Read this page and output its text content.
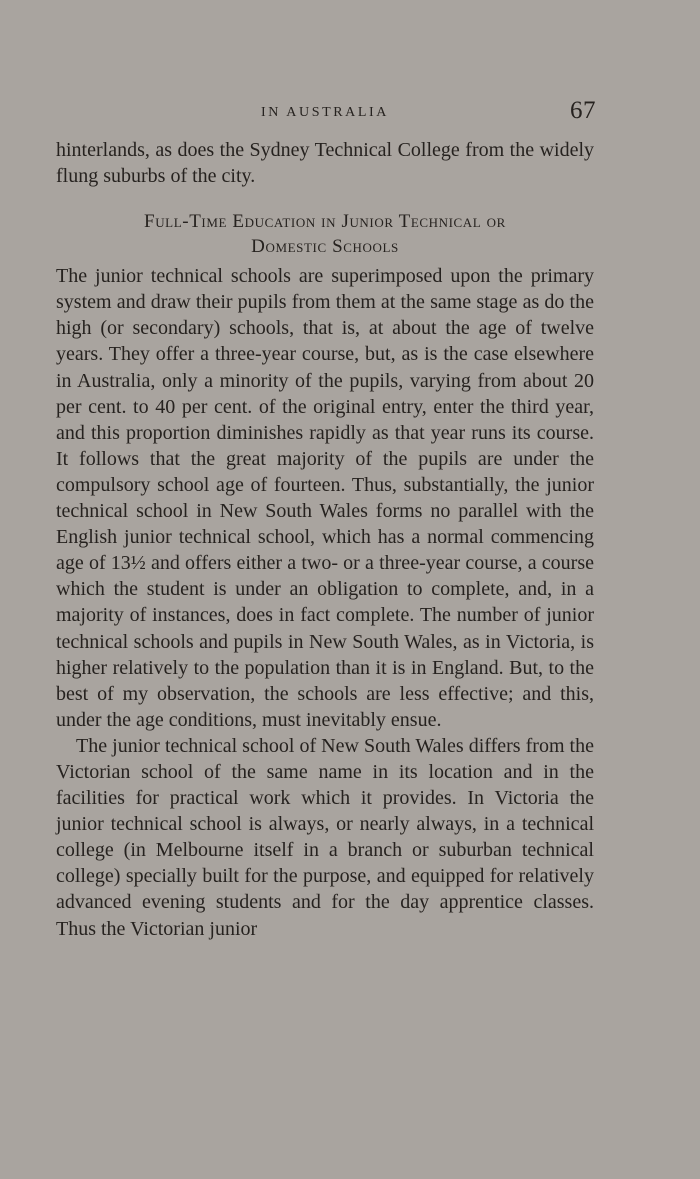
IN AUSTRALIA	67

hinterlands, as does the Sydney Technical College from the widely flung suburbs of the city.

Full-Time Education in Junior Technical or
Domestic Schools

The junior technical schools are superimposed upon the primary system and draw their pupils from them at the same stage as do the high (or secondary) schools, that is, at about the age of twelve years. They offer a three-year course, but, as is the case elsewhere in Australia, only a minority of the pupils, varying from about 20 per cent. to 40 per cent. of the original entry, enter the third year, and this proportion diminishes rapidly as that year runs its course. It follows that the great majority of the pupils are under the compulsory school age of fourteen. Thus, substantially, the junior technical school in New South Wales forms no parallel with the English junior technical school, which has a normal commencing age of 13½ and offers either a two- or a three-year course, a course which the student is under an obligation to complete, and, in a majority of instances, does in fact complete. The number of junior technical schools and pupils in New South Wales, as in Victoria, is higher relatively to the population than it is in England. But, to the best of my observation, the schools are less effective; and this, under the age conditions, must inevitably ensue.

The junior technical school of New South Wales differs from the Victorian school of the same name in its location and in the facilities for practical work which it provides. In Victoria the junior technical school is always, or nearly always, in a technical college (in Melbourne itself in a branch or suburban technical college) specially built for the purpose, and equipped for relatively advanced evening students and for the day apprentice classes. Thus the Victorian junior
